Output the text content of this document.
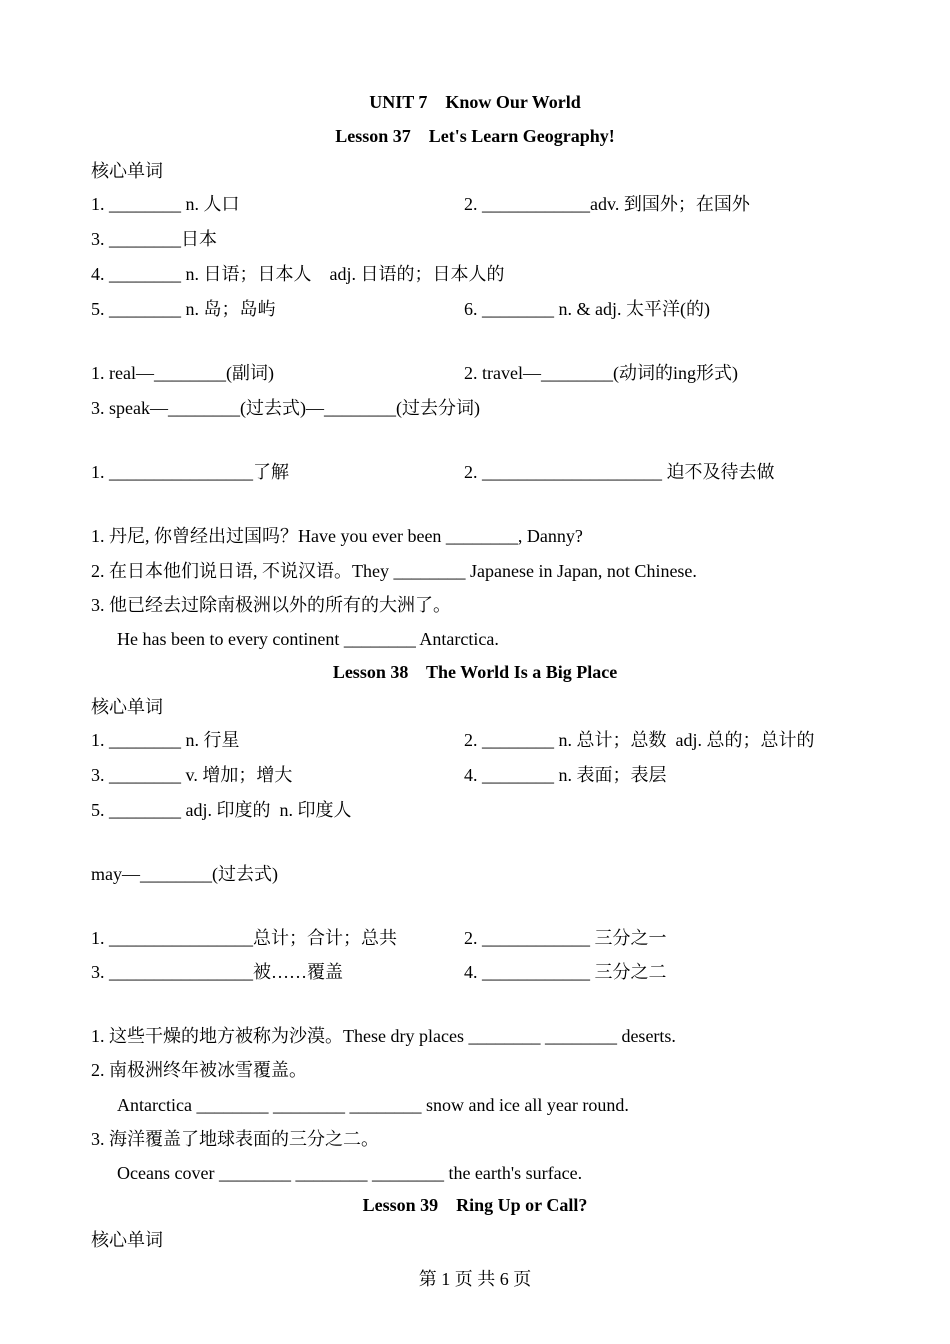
UNIT 7    Know Our World
Lesson 37    Let's Learn Geography!
核心单词
1. ________ n. 人口	2. ____________adv. 到国外；在国外
3. ________日本
4. ________ n. 日语；日本人    adj. 日语的；日本人的
5. ________ n. 岛；岛屿	6. ________ n. & adj. 太平洋(的)
1. real—________(副词)	2. travel—________(动词的ing形式)
3. speak—________(过去式)—________(过去分词)
1. ________________了解	2. ____________________ 迫不及待去做
1. 丹尼, 你曾经出过国吗？Have you ever been ________, Danny?
2. 在日本他们说日语, 不说汉语。They ________ Japanese in Japan, not Chinese.
3. 他已经去过除南极洲以外的所有的大洲了。
He has been to every continent ________ Antarctica.
Lesson 38    The World Is a Big Place
核心单词
1. ________ n. 行星	2. ________ n. 总计；总数  adj. 总的；总计的
3. ________ v. 增加；增大	4. ________ n. 表面；表层
5. ________ adj. 印度的  n. 印度人
may—________(过去式)
1. ________________总计；合计；总共	2. ____________ 三分之一
3. ________________被……覆盖	4. ____________ 三分之二
1. 这些干燥的地方被称为沙漠。These dry places ________ ________ deserts.
2. 南极洲终年被冰雪覆盖。
Antarctica ________ ________ ________ snow and ice all year round.
3. 海洋覆盖了地球表面的三分之二。
Oceans cover ________ ________ ________ the earth's surface.
Lesson 39    Ring Up or Call?
核心单词
第 1 页 共 6 页
